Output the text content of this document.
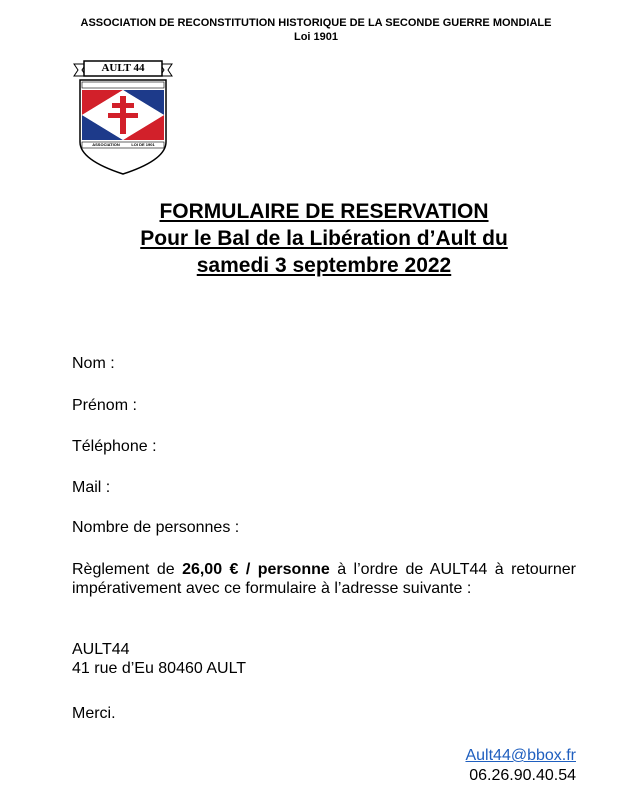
ASSOCIATION DE RECONSTITUTION HISTORIQUE DE LA SECONDE GUERRE MONDIALE
Loi 1901
AULT 44
ASSOCIATION	LOI DE 1901
FORMULAIRE DE RESERVATION
Pour le Bal de la Libération d’Ault du
samedi 3 septembre 2022
Nom :
Prénom :
Téléphone :
Mail :
Nombre de personnes :
Règlement de 26,00 € / personne à l’ordre de AULT44 à retourner impérativement avec ce formulaire à l’adresse suivante :
AULT44
41 rue d’Eu 80460 AULT
Merci.
Ault44@bbox.fr
06.26.90.40.54
